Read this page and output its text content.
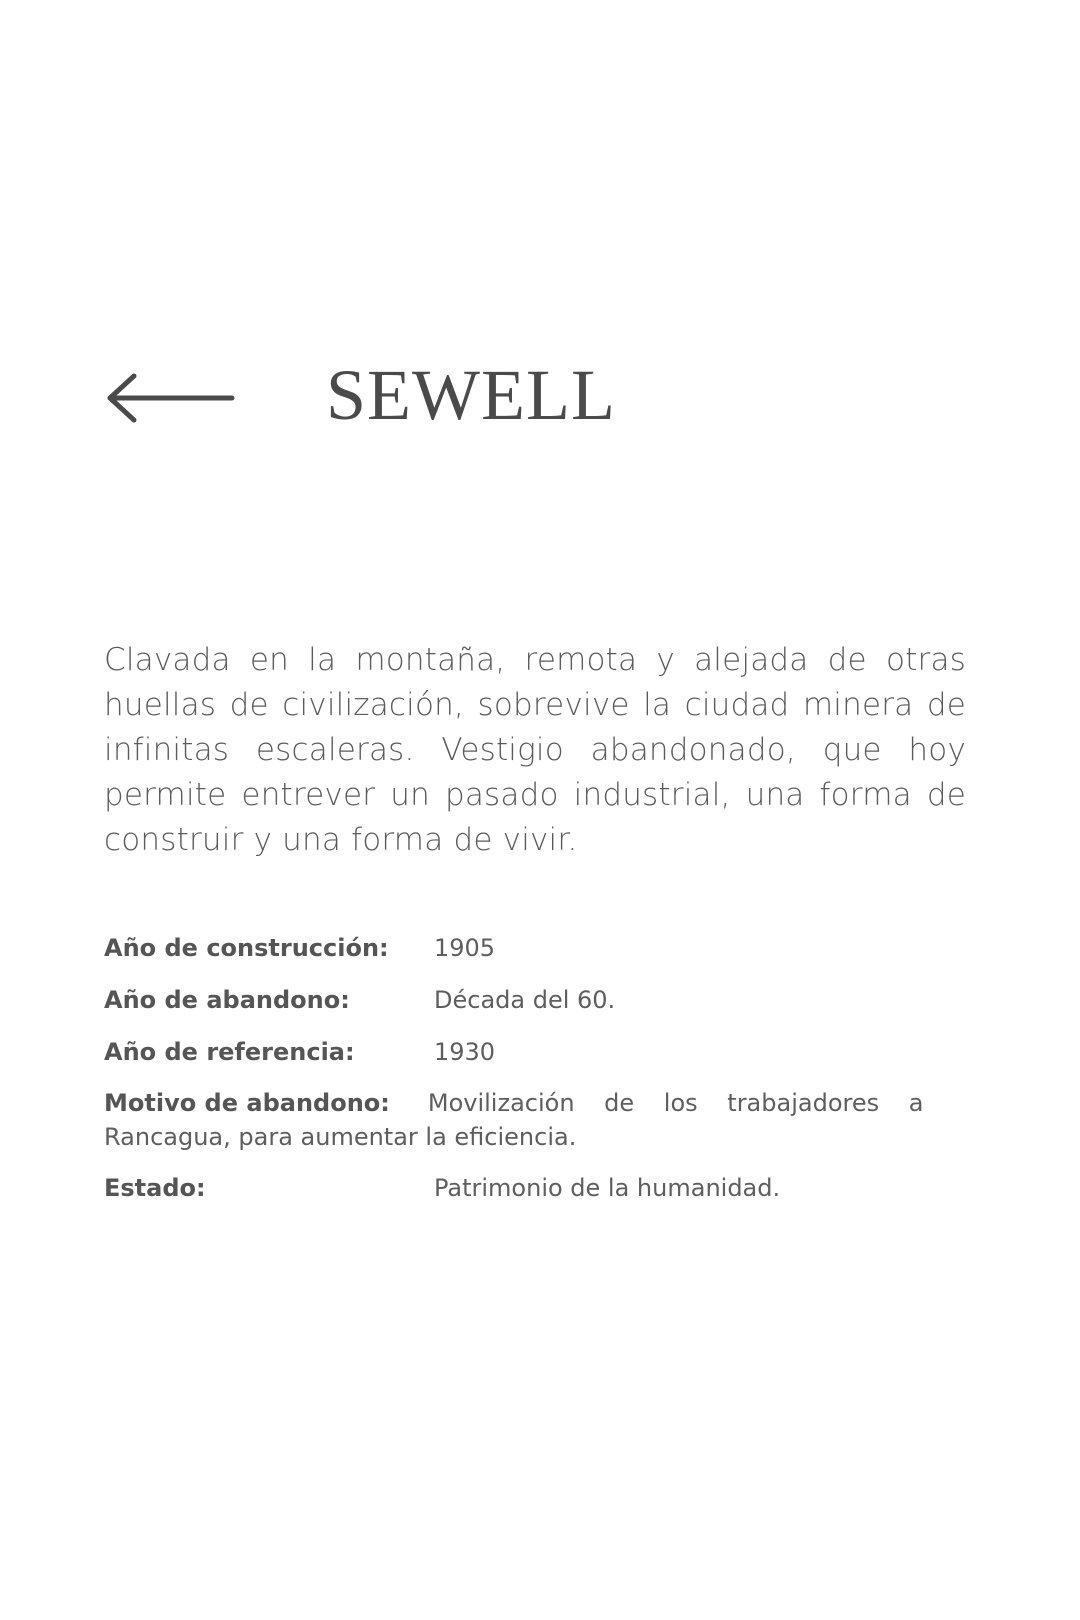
SEWELL

Clavada en la montaña, remota y alejada de otras huellas de civilización, sobrevive la ciudad minera de infinitas escaleras. Vestigio abandonado, que hoy permite entrever un pasado industrial, una forma de construir y una forma de vivir.

Año de construcción: 1905
Año de abandono:	Década del 60.
Año de referencia:	1930
Motivo de abandono: Movilización de los trabajadores a
Rancagua, para aumentar la eficiencia.
Estado:	Patrimonio de la humanidad.
